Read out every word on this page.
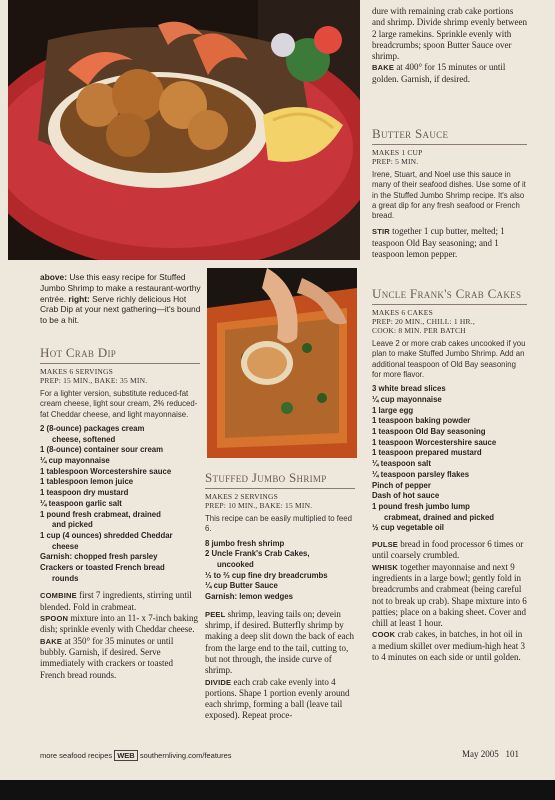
above: Use this easy recipe for Stuffed Jumbo Shrimp to make a restaurant-worthy entrée. right: Serve richly delicious Hot Crab Dip at your next gathering—it's bound to be a hit.
Hot Crab Dip
MAKES 6 SERVINGS
PREP: 15 MIN., BAKE: 35 MIN.
For a lighter version, substitute reduced-fat cream cheese, light sour cream, 2% reduced-fat Cheddar cheese, and light mayonnaise.
2 (8-ounce) packages cream
cheese, softened
1 (8-ounce) container sour cream
¼ cup mayonnaise
1 tablespoon Worcestershire sauce
1 tablespoon lemon juice
1 teaspoon dry mustard
¼ teaspoon garlic salt
1 pound fresh crabmeat, drained
and picked
1 cup (4 ounces) shredded Cheddar
cheese
Garnish: chopped fresh parsley
Crackers or toasted French bread
rounds

COMBINE first 7 ingredients, stirring until blended. Fold in crabmeat.

SPOON mixture into an 11- x 7-inch baking dish; sprinkle evenly with Cheddar cheese.

BAKE at 350° for 35 minutes or until bubbly. Garnish, if desired. Serve immediately with crackers or toasted French bread rounds.

Stuffed Jumbo Shrimp
MAKES 2 SERVINGS
PREP: 10 MIN., BAKE: 15 MIN.
This recipe can be easily multiplied to feed 6.
8 jumbo fresh shrimp
2 Uncle Frank's Crab Cakes,
uncooked
⅓ to ⅔ cup fine dry breadcrumbs
¼ cup Butter Sauce
Garnish: lemon wedges

PEEL shrimp, leaving tails on; devein shrimp, if desired. Butterfly shrimp by making a deep slit down the back of each from the large end to the tail, cutting to, but not through, the inside curve of shrimp.

DIVIDE each crab cake evenly into 4 portions. Shape 1 portion evenly around each shrimp, forming a ball (leave tail exposed). Repeat proce-

dure with remaining crab cake portions and shrimp. Divide shrimp evenly between 2 large ramekins. Sprinkle evenly with breadcrumbs; spoon Butter Sauce over shrimp.

BAKE at 400° for 15 minutes or until golden. Garnish, if desired.

Butter Sauce
MAKES 1 CUP
PREP: 5 MIN.
Irene, Stuart, and Noel use this sauce in many of their seafood dishes. Use some of it in the Stuffed Jumbo Shrimp recipe. It's also a great dip for any fresh seafood or French bread.

STIR together 1 cup butter, melted; 1 teaspoon Old Bay seasoning; and 1 teaspoon lemon pepper.

Uncle Frank's Crab Cakes
MAKES 6 CAKES
PREP: 20 MIN., CHILL: 1 HR.,
COOK: 8 MIN. PER BATCH
Leave 2 or more crab cakes uncooked if you plan to make Stuffed Jumbo Shrimp. Add an additional teaspoon of Old Bay seasoning for more flavor.
3 white bread slices
¼ cup mayonnaise
1 large egg
1 teaspoon baking powder
1 teaspoon Old Bay seasoning
1 teaspoon Worcestershire sauce
1 teaspoon prepared mustard
¼ teaspoon salt
¼ teaspoon parsley flakes
Pinch of pepper
Dash of hot sauce
1 pound fresh jumbo lump
crabmeat, drained and picked
½ cup vegetable oil

PULSE bread in food processor 6 times or until coarsely crumbled.

WHISK together mayonnaise and next 9 ingredients in a large bowl; gently fold in breadcrumbs and crabmeat (being careful not to break up crab). Shape mixture into 6 patties; place on a baking sheet. Cover and chill at least 1 hour.

COOK crab cakes, in batches, in hot oil in a medium skillet over medium-high heat 3 to 4 minutes on each side or until golden.

more seafood recipes WEB southernliving.com/features	May 2005 101
